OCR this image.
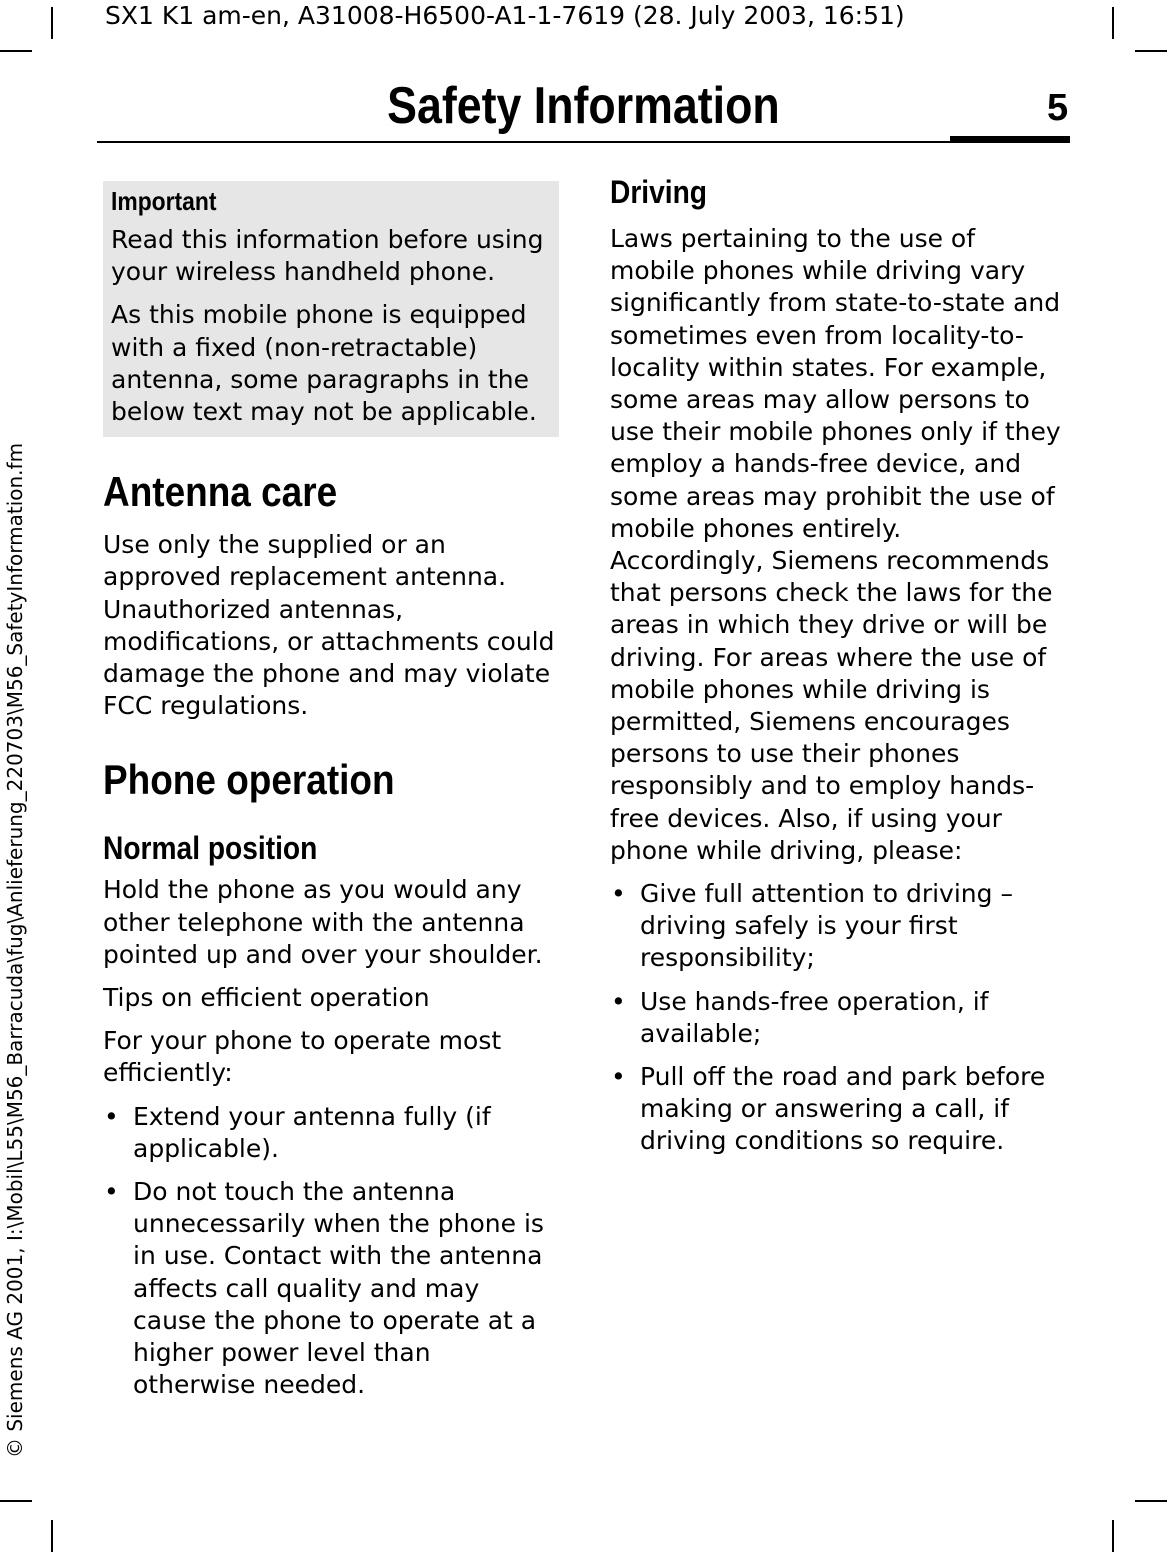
SX1 K1 am-en, A31008-H6500-A1-1-7619 (28. July 2003, 16:51)
Safety Information	5
© Siemens AG 2001, I:\Mobil\L55\M56_Barracuda\fug\Anlieferung_220703\M56_SafetyInformation.fm
Important

Read this information before using your wireless handheld phone.

As this mobile phone is equipped with a fixed (non-retractable) antenna, some paragraphs in the below text may not be applicable.

Antenna care

Use only the supplied or an approved replacement antenna. Unauthorized antennas, modifications, or attachments could damage the phone and may violate FCC regulations.

Phone operation
Normal position

Hold the phone as you would any other telephone with the antenna pointed up and over your shoulder.

Tips on efficient operation

For your phone to operate most efficiently:

• Extend your antenna fully (if applicable).
• Do not touch the antenna unnecessarily when the phone is in use. Contact with the antenna affects call quality and may cause the phone to operate at a higher power level than otherwise needed.
Driving

Laws pertaining to the use of mobile phones while driving vary significantly from state-to-state and sometimes even from locality-to-locality within states. For example, some areas may allow persons to use their mobile phones only if they employ a hands-free device, and some areas may prohibit the use of mobile phones entirely. Accordingly, Siemens recommends that persons check the laws for the areas in which they drive or will be driving. For areas where the use of mobile phones while driving is permitted, Siemens encourages persons to use their phones responsibly and to employ hands-free devices. Also, if using your phone while driving, please:

• Give full attention to driving – driving safely is your first responsibility;
• Use hands-free operation, if available;
• Pull off the road and park before making or answering a call, if driving conditions so require.
